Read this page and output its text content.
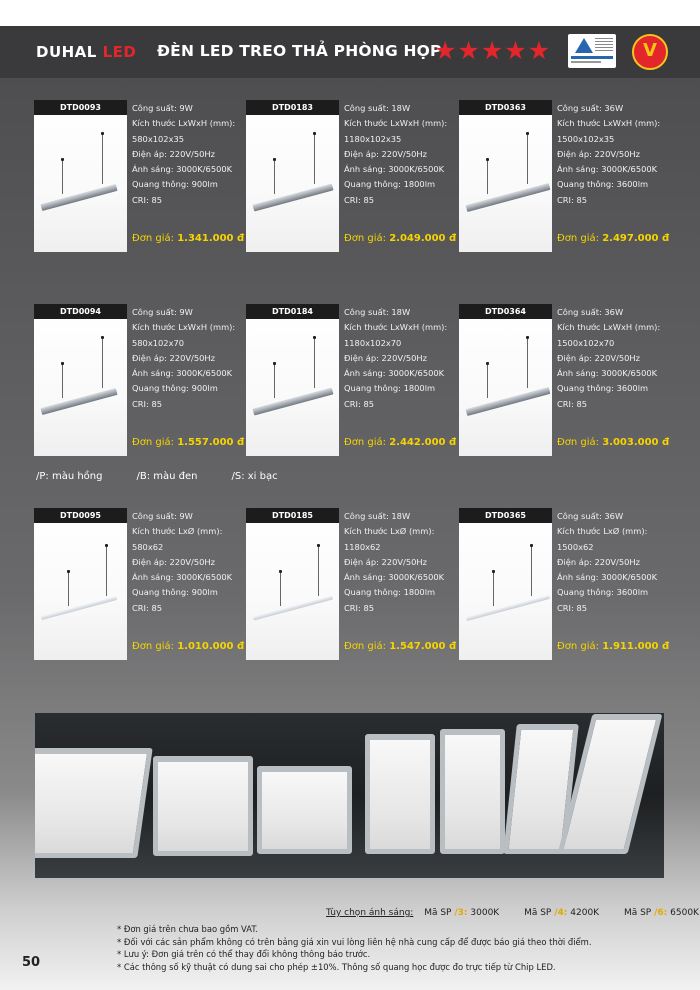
DUHAL LED ĐÈN LED TREO THẢ PHÒNG HỌP
★ ★ ★ ★ ★	V
DTD0093	Công suất: 9W
Kích thước LxWxH (mm):
580x102x35
Điện áp: 220V/50Hz
Ánh sáng: 3000K/6500K
Quang thông: 900lm
CRI: 85
Đơn giá: 1.341.000 đ
DTD0183	Công suất: 18W
Kích thước LxWxH (mm):
1180x102x35
Điện áp: 220V/50Hz
Ánh sáng: 3000K/6500K
Quang thông: 1800lm
CRI: 85
Đơn giá: 2.049.000 đ
DTD0363	Công suất: 36W
Kích thước LxWxH (mm):
1500x102x35
Điện áp: 220V/50Hz
Ánh sáng: 3000K/6500K
Quang thông: 3600lm
CRI: 85
Đơn giá: 2.497.000 đ
DTD0094	Công suất: 9W
Kích thước LxWxH (mm):
580x102x70
Điện áp: 220V/50Hz
Ánh sáng: 3000K/6500K
Quang thông: 900lm
CRI: 85
Đơn giá: 1.557.000 đ
DTD0184	Công suất: 18W
Kích thước LxWxH (mm):
1180x102x70
Điện áp: 220V/50Hz
Ánh sáng: 3000K/6500K
Quang thông: 1800lm
CRI: 85
Đơn giá: 2.442.000 đ
DTD0364	Công suất: 36W
Kích thước LxWxH (mm):
1500x102x70
Điện áp: 220V/50Hz
Ánh sáng: 3000K/6500K
Quang thông: 3600lm
CRI: 85
Đơn giá: 3.003.000 đ
DTD0095	Công suất: 9W
Kích thước LxØ (mm):
580x62
Điện áp: 220V/50Hz
Ánh sáng: 3000K/6500K
Quang thông: 900lm
CRI: 85
Đơn giá: 1.010.000 đ
DTD0185	Công suất: 18W
Kích thước LxØ (mm):
1180x62
Điện áp: 220V/50Hz
Ánh sáng: 3000K/6500K
Quang thông: 1800lm
CRI: 85
Đơn giá: 1.547.000 đ
DTD0365	Công suất: 36W
Kích thước LxØ (mm):
1500x62
Điện áp: 220V/50Hz
Ánh sáng: 3000K/6500K
Quang thông: 3600lm
CRI: 85
Đơn giá: 1.911.000 đ
/P: màu hồng	/B: màu đen	/S: xi bạc
Tùy chọn ánh sáng: Mã SP /3: 3000K	Mã SP /4: 4200K	Mã SP /6: 6500K
* Đơn giá trên chưa bao gồm VAT.
* Đối với các sản phẩm không có trên bảng giá xin vui lòng liên hệ nhà cung cấp để được báo giá theo thời điểm.
* Lưu ý: Đơn giá trên có thể thay đổi không thông báo trước.
* Các thông số kỹ thuật có dung sai cho phép ±10%. Thông số quang học được đo trực tiếp từ Chip LED.
50
